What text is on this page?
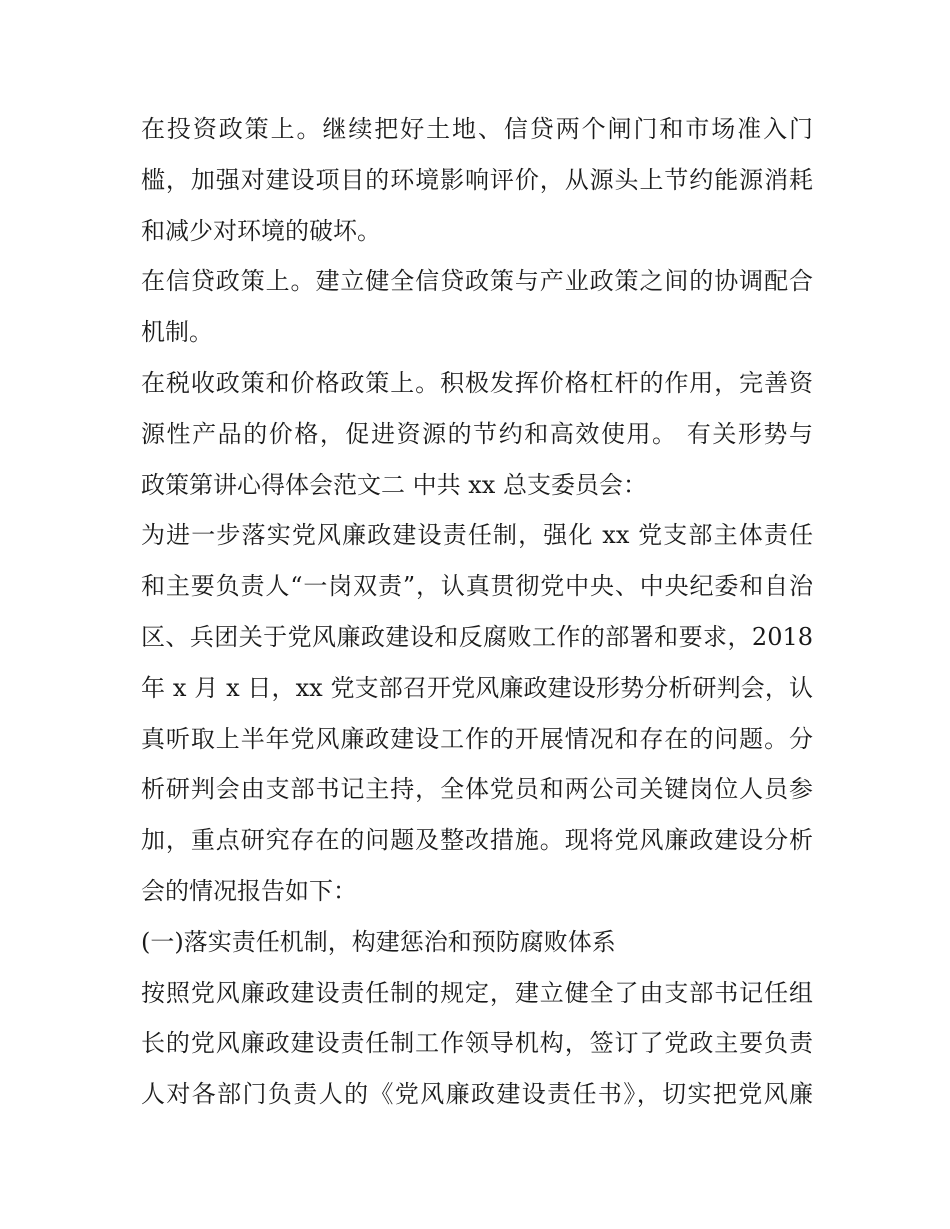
在投资政策上。继续把好土地、信贷两个闸门和市场准入门
槛，加强对建设项目的环境影响评价，从源头上节约能源消耗
和减少对环境的破坏。
在信贷政策上。建立健全信贷政策与产业政策之间的协调配合
机制。
在税收政策和价格政策上。积极发挥价格杠杆的作用，完善资
源性产品的价格，促进资源的节约和高效使用。 有关形势与
政策第讲心得体会范文二 中共 xx 总支委员会：
为进一步落实党风廉政建设责任制，强化 xx 党支部主体责任
和主要负责人“一岗双责”，认真贯彻党中央、中央纪委和自治
区、兵团关于党风廉政建设和反腐败工作的部署和要求，2018
年 x 月 x 日，xx 党支部召开党风廉政建设形势分析研判会，认
真听取上半年党风廉政建设工作的开展情况和存在的问题。分
析研判会由支部书记主持，全体党员和两公司关键岗位人员参
加，重点研究存在的问题及整改措施。现将党风廉政建设分析
会的情况报告如下：
(一)落实责任机制，构建惩治和预防腐败体系
按照党风廉政建设责任制的规定，建立健全了由支部书记任组
长的党风廉政建设责任制工作领导机构，签订了党政主要负责
人对各部门负责人的《党风廉政建设责任书》，切实把党风廉
